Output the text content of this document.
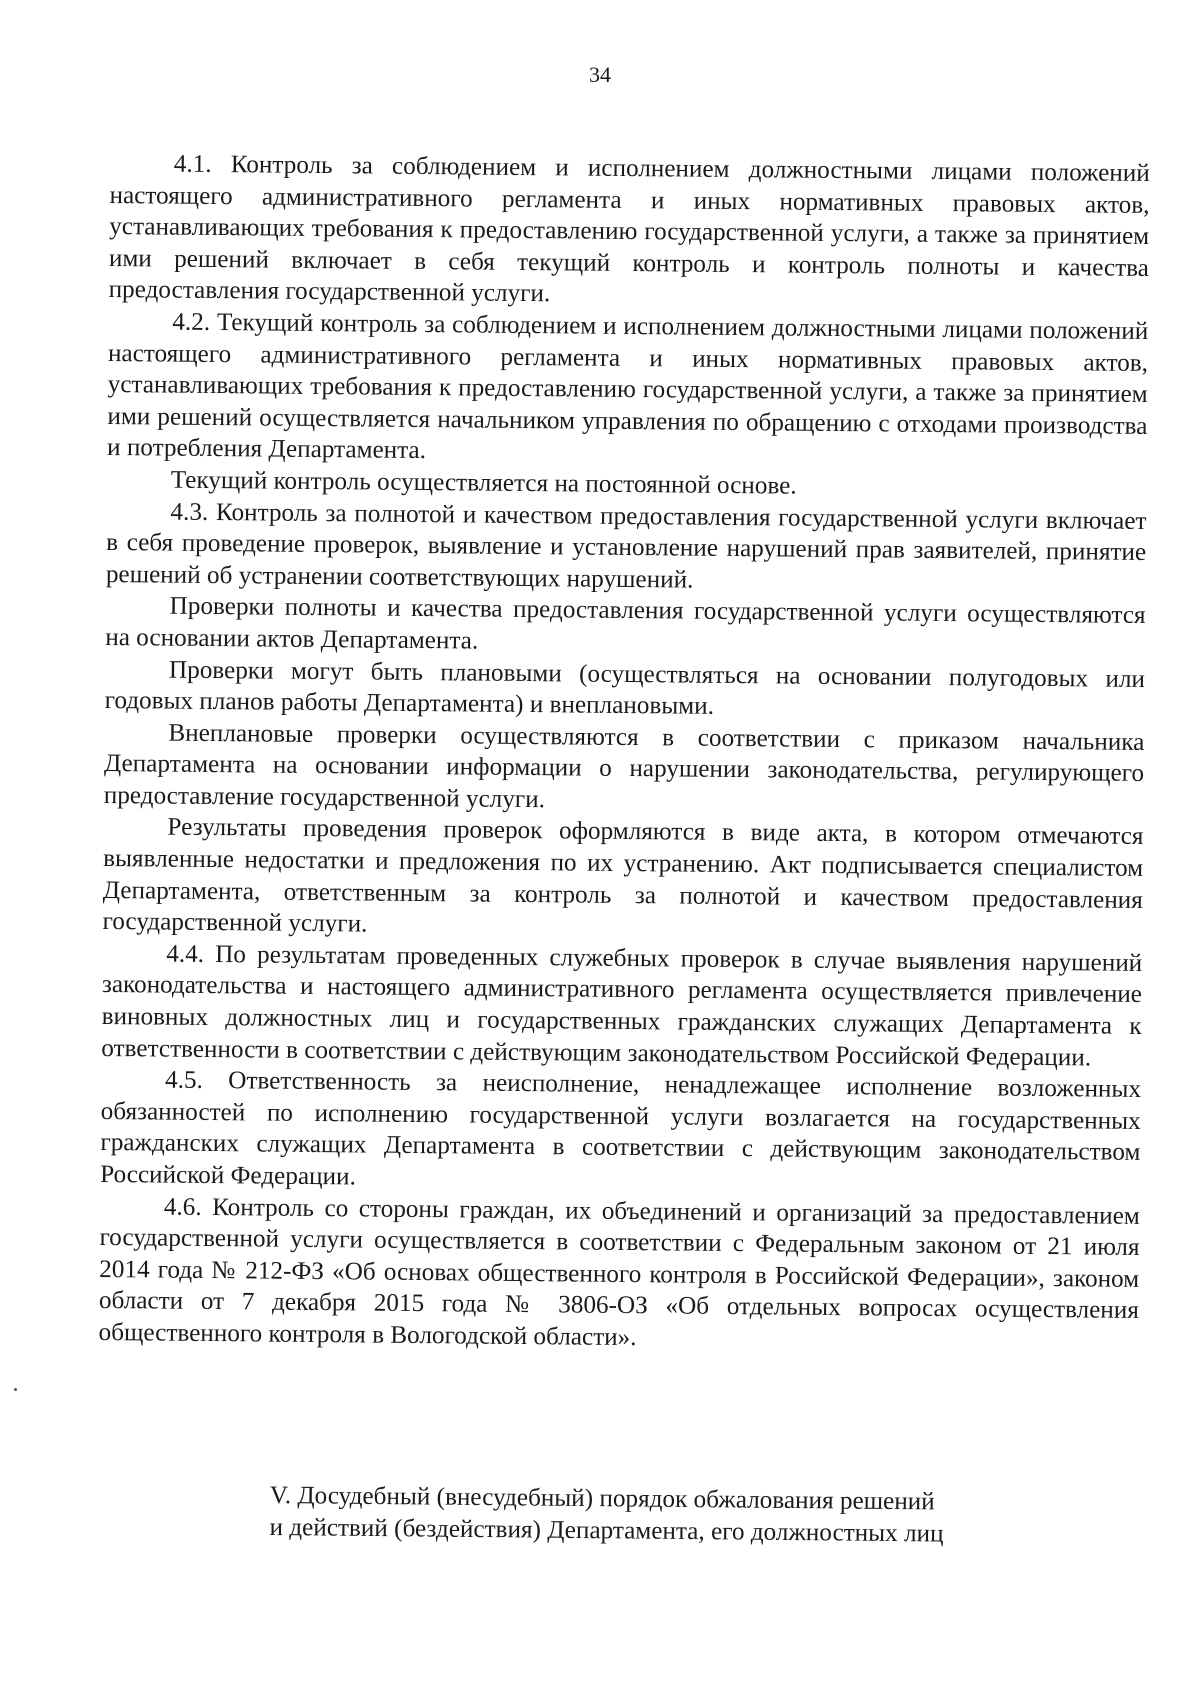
34

4.1. Контроль за соблюдением и исполнением должностными лицами положений настоящего административного регламента и иных нормативных правовых актов, устанавливающих требования к предоставлению государственной услуги, а также за принятием ими решений включает в себя текущий контроль и контроль полноты и качества предоставления государственной услуги.

4.2. Текущий контроль за соблюдением и исполнением должностными лицами положений настоящего административного регламента и иных нормативных правовых актов, устанавливающих требования к предоставлению государственной услуги, а также за принятием ими решений осуществляется начальником управления по обращению с отходами производства и потребления Департамента.

Текущий контроль осуществляется на постоянной основе.

4.3. Контроль за полнотой и качеством предоставления государственной услуги включает в себя проведение проверок, выявление и установление нарушений прав заявителей, принятие решений об устранении соответствующих нарушений.

Проверки полноты и качества предоставления государственной услуги осуществляются на основании актов Департамента.

Проверки могут быть плановыми (осуществляться на основании полугодовых или годовых планов работы Департамента) и внеплановыми.

Внеплановые проверки осуществляются в соответствии с приказом начальника Департамента на основании информации о нарушении законодательства, регулирующего предоставление государственной услуги.

Результаты проведения проверок оформляются в виде акта, в котором отмечаются выявленные недостатки и предложения по их устранению. Акт подписывается специалистом Департамента, ответственным за контроль за полнотой и качеством предоставления государственной услуги.

4.4. По результатам проведенных служебных проверок в случае выявления нарушений законодательства и настоящего административного регламента осуществляется привлечение виновных должностных лиц и государственных гражданских служащих Департамента к ответственности в соответствии с действующим законодательством Российской Федерации.

4.5. Ответственность за неисполнение, ненадлежащее исполнение возложенных обязанностей по исполнению государственной услуги возлагается на государственных гражданских служащих Департамента в соответствии с действующим законодательством Российской Федерации.

4.6. Контроль со стороны граждан, их объединений и организаций за предоставлением государственной услуги осуществляется в соответствии с Федеральным законом от 21 июля 2014 года № 212-ФЗ «Об основах общественного контроля в Российской Федерации», законом области от 7 декабря 2015 года № 3806-ОЗ «Об отдельных вопросах осуществления общественного контроля в Вологодской области».

V. Досудебный (внесудебный) порядок обжалования решений
и действий (бездействия) Департамента, его должностных лиц
